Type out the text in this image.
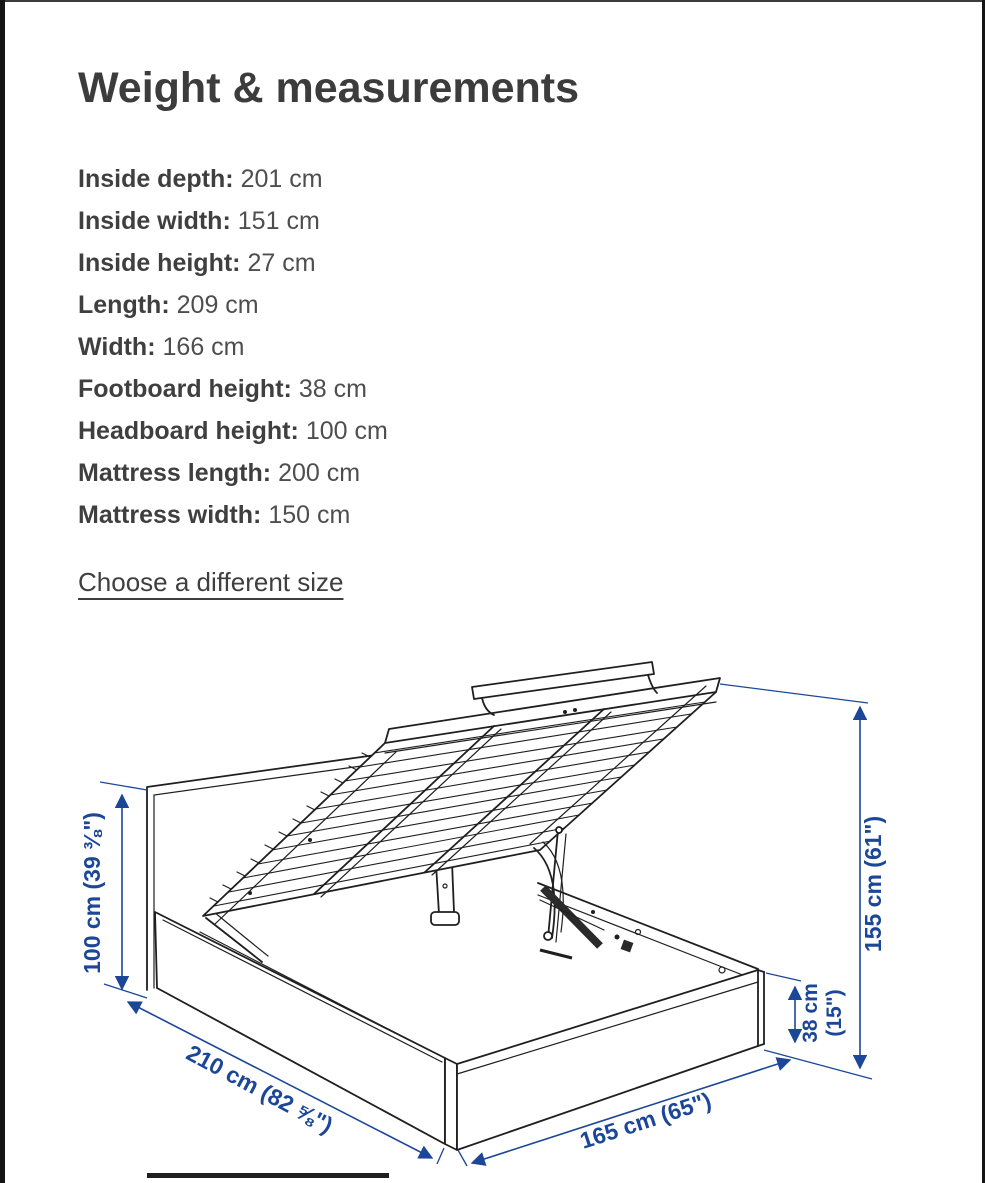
Weight & measurements
Inside depth: 201 cm
Inside width: 151 cm
Inside height: 27 cm
Length: 209 cm
Width: 166 cm
Footboard height: 38 cm
Headboard height: 100 cm
Mattress length: 200 cm
Mattress width: 150 cm
Choose a different size
100 cm (39 ⅜")	155 cm (61")
38 cm (15")
210 cm (82 ⅝")	165 cm (65")
